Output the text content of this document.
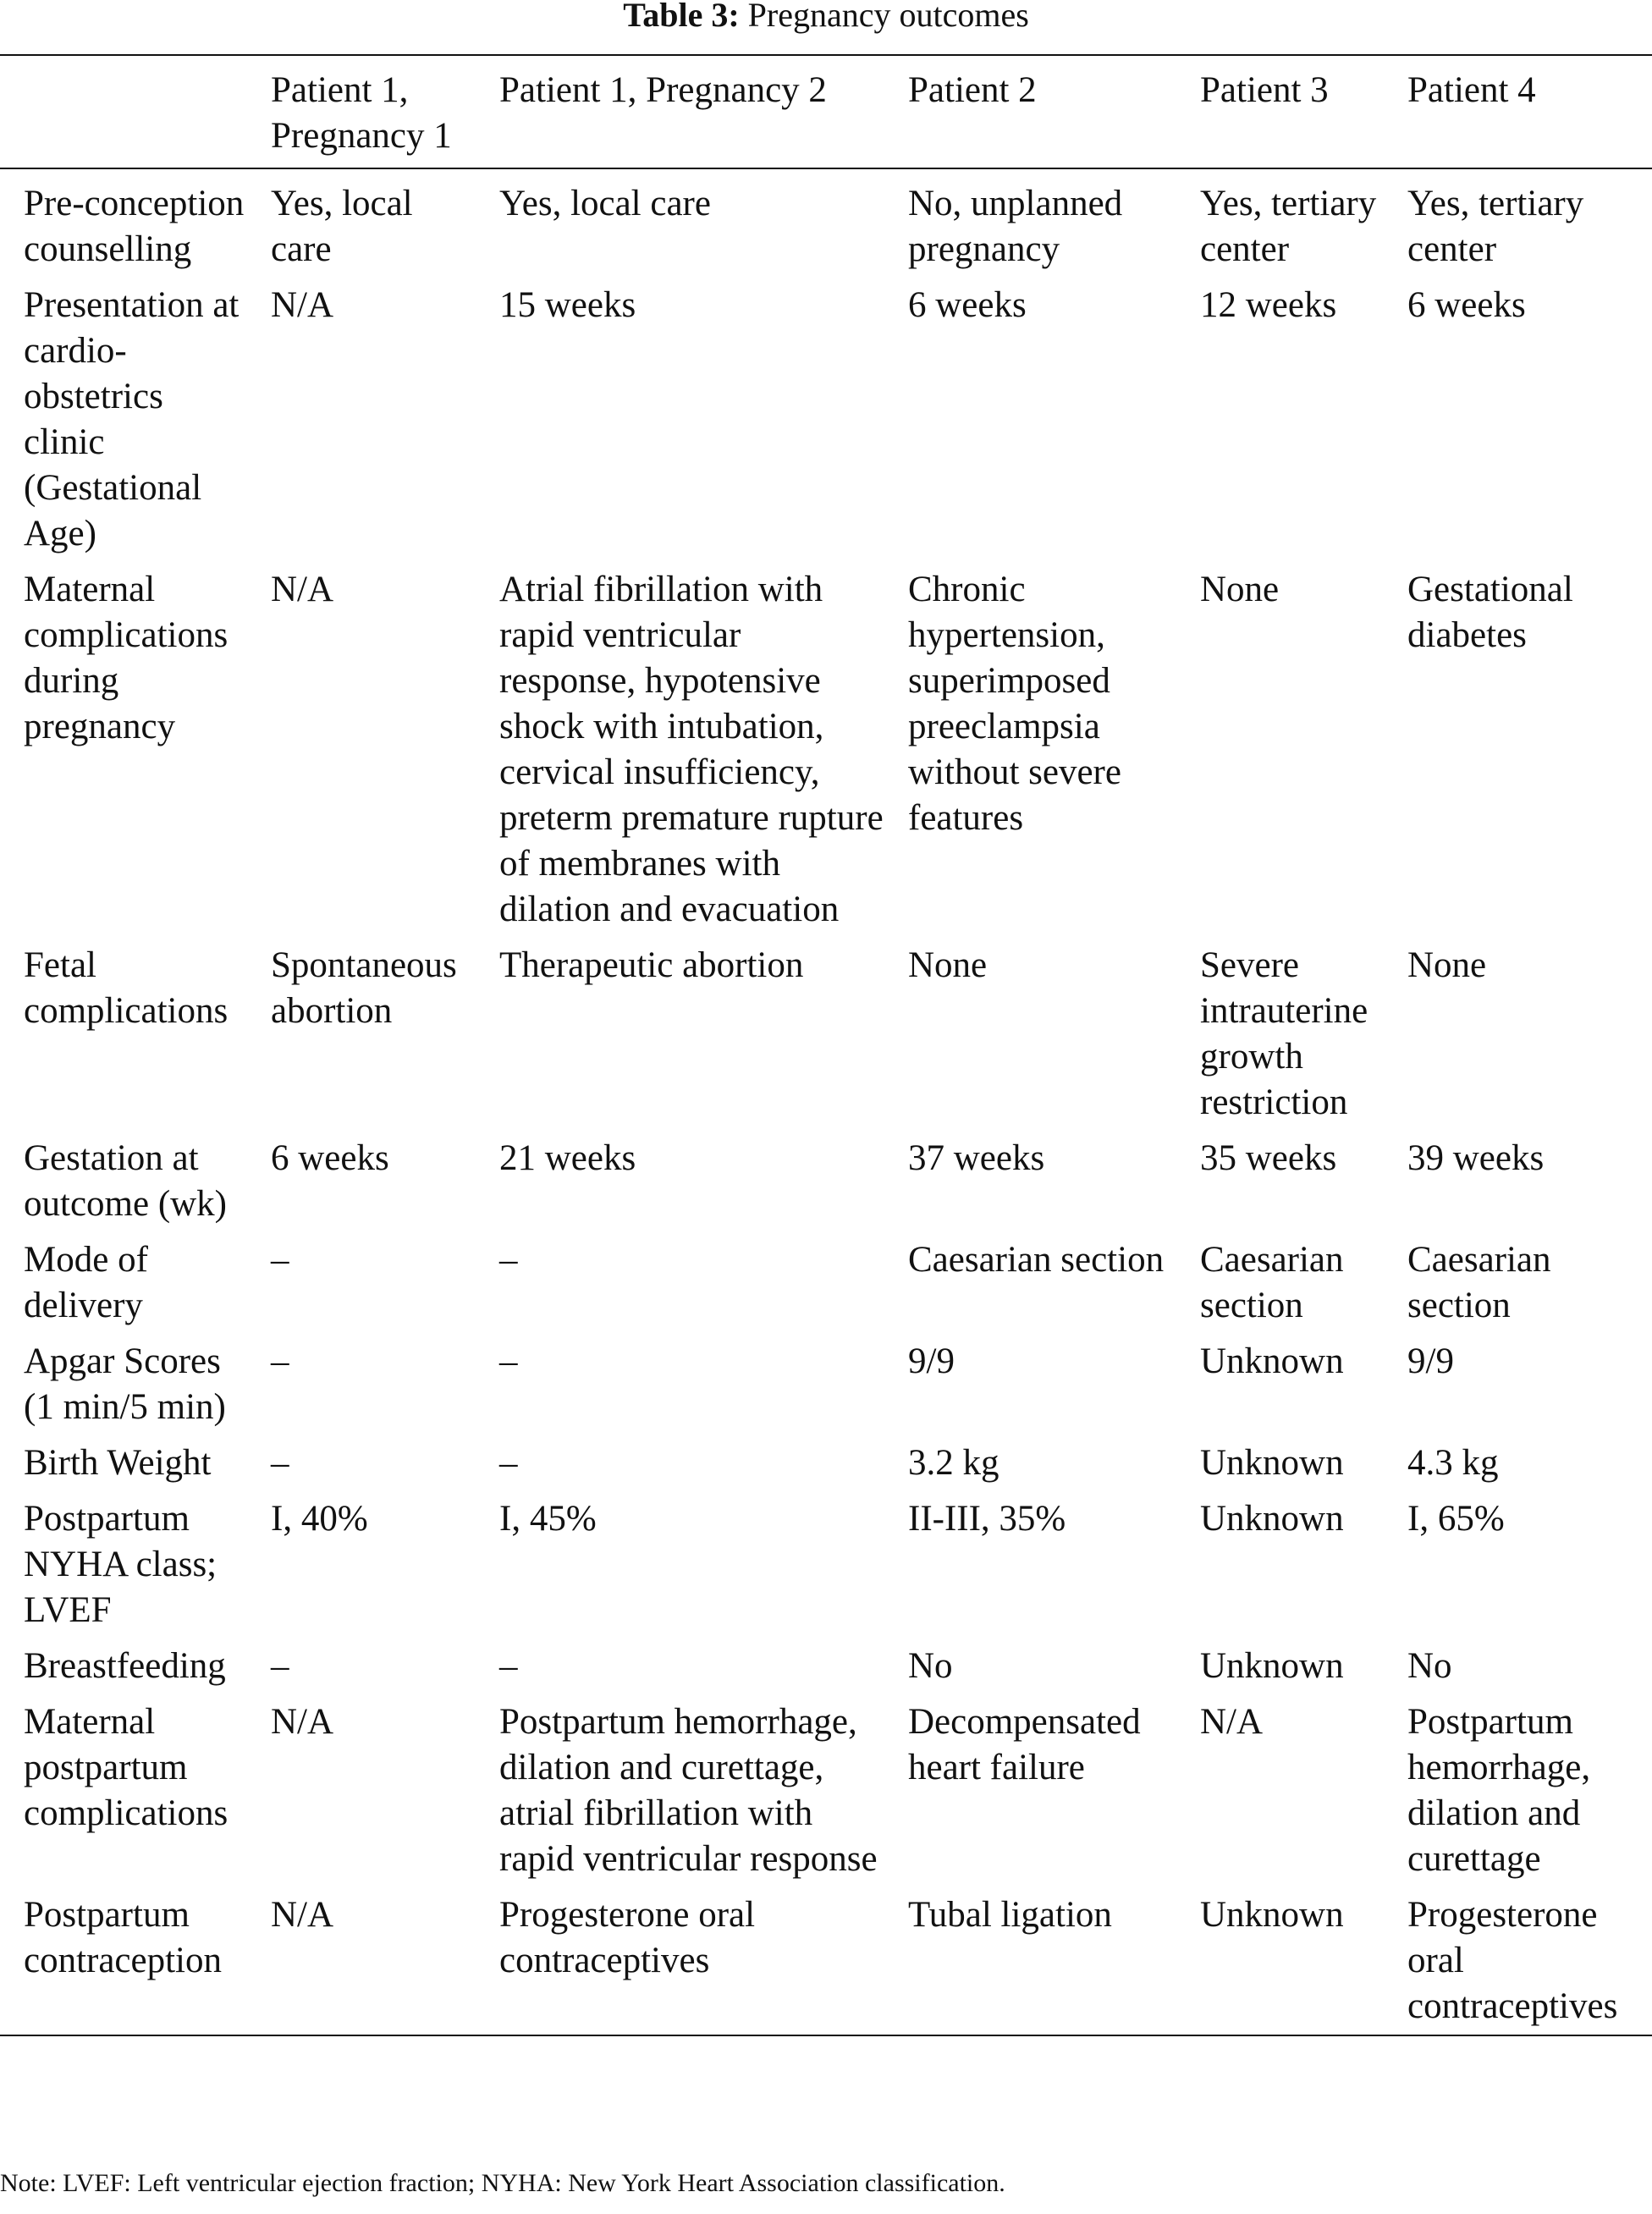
Table 3: Pregnancy outcomes
	Patient 1, Pregnancy 1	Patient 1, Pregnancy 2	Patient 2	Patient 3	Patient 4
Pre-conception counselling	Yes, local care	Yes, local care	No, unplanned pregnancy	Yes, tertiary center	Yes, tertiary center
Presentation at cardio-obstetrics clinic (Gestational Age)	N/A	15 weeks	6 weeks	12 weeks	6 weeks
Maternal complications during pregnancy	N/A	Atrial fibrillation with rapid ventricular response, hypotensive shock with intubation, cervical insufficiency, preterm premature rupture of membranes with dilation and evacuation	Chronic hypertension, superimposed preeclampsia without severe features	None	Gestational diabetes
Fetal complications	Spontaneous abortion	Therapeutic abortion	None	Severe intrauterine growth restriction	None
Gestation at outcome (wk)	6 weeks	21 weeks	37 weeks	35 weeks	39 weeks
Mode of delivery	–	–	Caesarian section	Caesarian section	Caesarian section
Apgar Scores (1 min/5 min)	–	–	9/9	Unknown	9/9
Birth Weight	–	–	3.2 kg	Unknown	4.3 kg
Postpartum NYHA class; LVEF	I, 40%	I, 45%	II-III, 35%	Unknown	I, 65%
Breastfeeding	–	–	No	Unknown	No
Maternal postpartum complications	N/A	Postpartum hemorrhage, dilation and curettage, atrial fibrillation with rapid ventricular response	Decompensated heart failure	N/A	Postpartum hemorrhage, dilation and curettage
Postpartum contraception	N/A	Progesterone oral contraceptives	Tubal ligation	Unknown	Progesterone oral contraceptives
Note: LVEF: Left ventricular ejection fraction; NYHA: New York Heart Association classification.
